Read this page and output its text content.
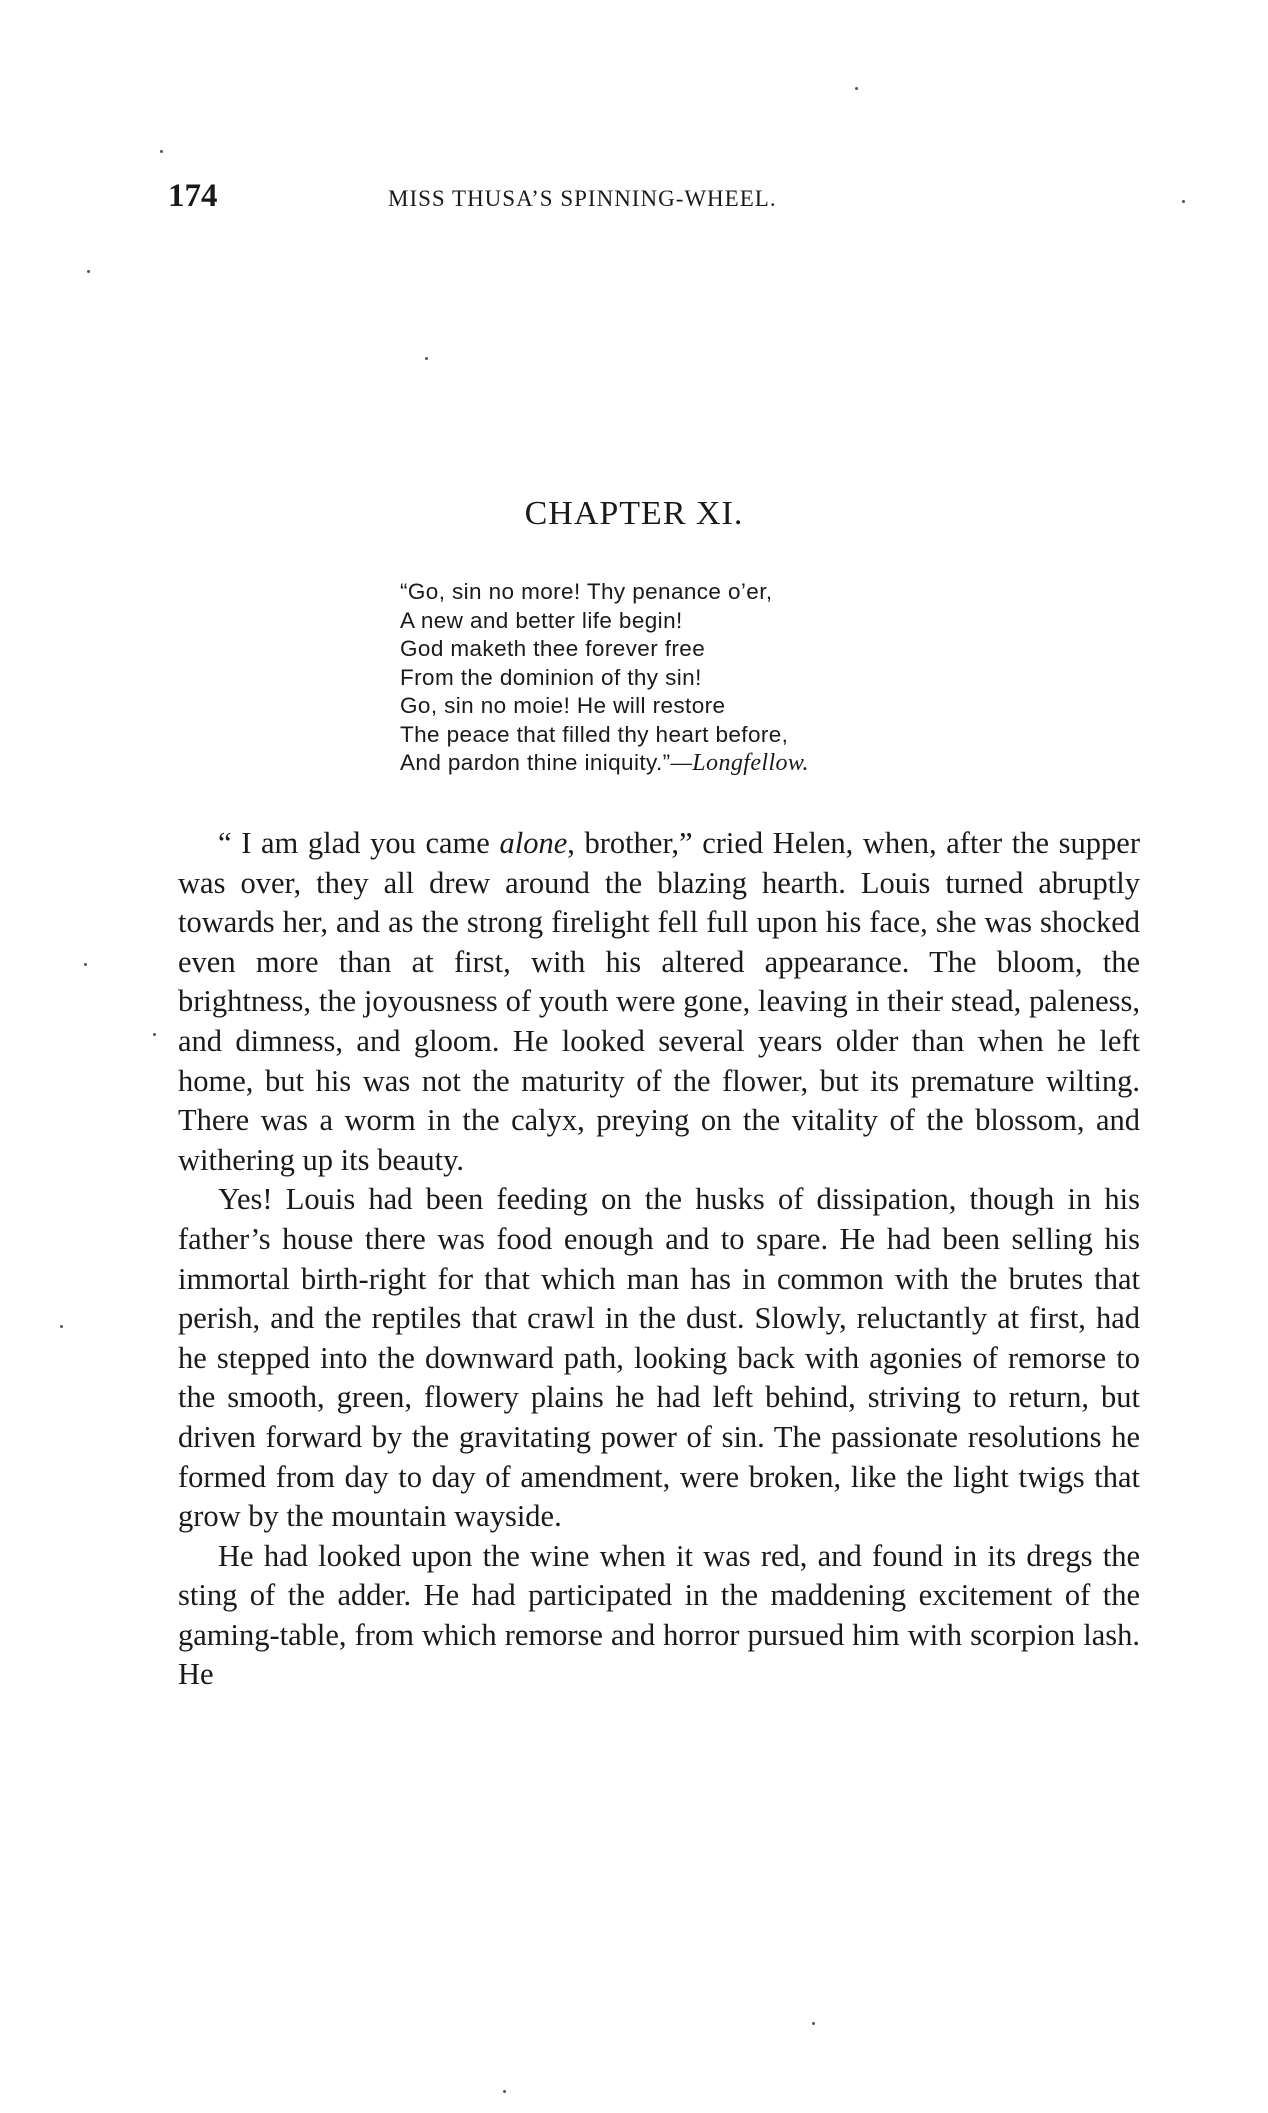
174	MISS THUSA’S SPINNING-WHEEL.
CHAPTER XI.
“Go, sin no more! Thy penance o’er,
A new and better life begin!
God maketh thee forever free
From the dominion of thy sin!
Go, sin no moie! He will restore
The peace that filled thy heart before,
And pardon thine iniquity.”—Longfellow.

“ I am glad you came alone, brother,” cried Helen, when, after the supper was over, they all drew around the blazing hearth. Louis turned abruptly towards her, and as the strong firelight fell full upon his face, she was shocked even more than at first, with his altered appearance. The bloom, the brightness, the joyousness of youth were gone, leaving in their stead, paleness, and dimness, and gloom. He looked several years older than when he left home, but his was not the maturity of the flower, but its premature wilting. There was a worm in the calyx, preying on the vitality of the blossom, and withering up its beauty.

Yes! Louis had been feeding on the husks of dissipation, though in his father’s house there was food enough and to spare. He had been selling his immortal birth-right for that which man has in common with the brutes that perish, and the reptiles that crawl in the dust. Slowly, reluctantly at first, had he stepped into the downward path, looking back with agonies of remorse to the smooth, green, flowery plains he had left behind, striving to return, but driven forward by the gravitating power of sin. The passionate resolutions he formed from day to day of amendment, were broken, like the light twigs that grow by the mountain wayside.

He had looked upon the wine when it was red, and found in its dregs the sting of the adder. He had participated in the maddening excitement of the gaming-table, from which remorse and horror pursued him with scorpion lash. He
